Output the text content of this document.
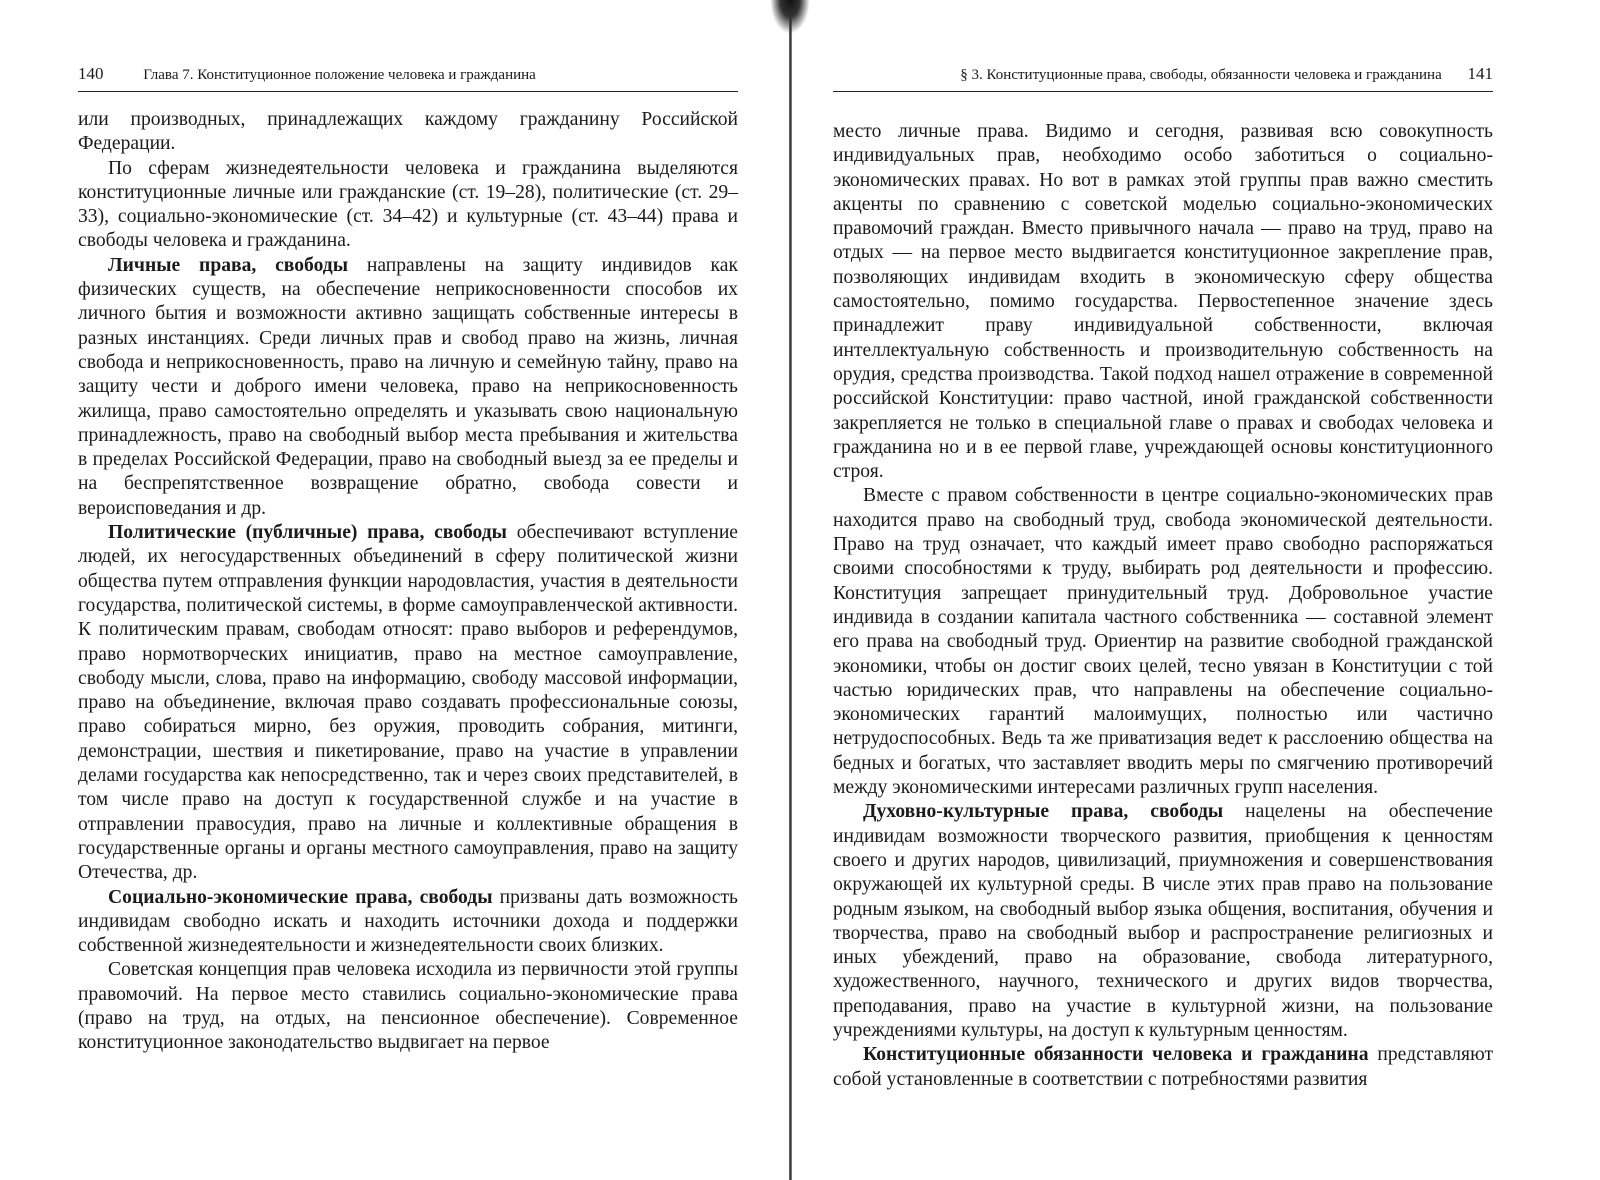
140	Глава 7. Конституционное положение человека и гражданина

или производных, принадлежащих каждому гражданину Российской Федерации.

По сферам жизнедеятельности человека и гражданина выделяются конституционные личные или гражданские (ст. 19–28), политические (ст. 29–33), социально-экономические (ст. 34–42) и культурные (ст. 43–44) права и свободы человека и гражданина.

Личные права, свободы направлены на защиту индивидов как физических существ, на обеспечение неприкосновенности способов их личного бытия и возможности активно защищать собственные интересы в разных инстанциях. Среди личных прав и свобод право на жизнь, личная свобода и неприкосновенность, право на личную и семейную тайну, право на защиту чести и доброго имени человека, право на неприкосновенность жилища, право самостоятельно определять и указывать свою национальную принадлежность, право на свободный выбор места пребывания и жительства в пределах Российской Федерации, право на свободный выезд за ее пределы и на беспрепятственное возвращение обратно, свобода совести и вероисповедания и др.

Политические (публичные) права, свободы обеспечивают вступление людей, их негосударственных объединений в сферу политической жизни общества путем отправления функции народовластия, участия в деятельности государства, политической системы, в форме самоуправленческой активности. К политическим правам, свободам относят: право выборов и референдумов, право нормотворческих инициатив, право на местное самоуправление, свободу мысли, слова, право на информацию, свободу массовой информации, право на объединение, включая право создавать профессиональные союзы, право собираться мирно, без оружия, проводить собрания, митинги, демонстрации, шествия и пикетирование, право на участие в управлении делами государства как непосредственно, так и через своих представителей, в том числе право на доступ к государственной службе и на участие в отправлении правосудия, право на личные и коллективные обращения в государственные органы и органы местного самоуправления, право на защиту Отечества, др.

Социально-экономические права, свободы призваны дать возможность индивидам свободно искать и находить источники дохода и поддержки собственной жизнедеятельности и жизнедеятельности своих близких.

Советская концепция прав человека исходила из первичности этой группы правомочий. На первое место ставились социально-экономические права (право на труд, на отдых, на пенсионное обеспечение). Современное конституционное законодательство выдвигает на первое

§ 3. Конституционные права, свободы, обязанности человека и гражданина 141

место личные права. Видимо и сегодня, развивая всю совокупность индивидуальных прав, необходимо особо заботиться о социально-экономических правах. Но вот в рамках этой группы прав важно сместить акценты по сравнению с советской моделью социально-экономических правомочий граждан. Вместо привычного начала — право на труд, право на отдых — на первое место выдвигается конституционное закрепление прав, позволяющих индивидам входить в экономическую сферу общества самостоятельно, помимо государства. Первостепенное значение здесь принадлежит праву индивидуальной собственности, включая интеллектуальную собственность и производительную собственность на орудия, средства производства. Такой подход нашел отражение в современной российской Конституции: право частной, иной гражданской собственности закрепляется не только в специальной главе о правах и свободах человека и гражданина но и в ее первой главе, учреждающей основы конституционного строя.

Вместе с правом собственности в центре социально-экономических прав находится право на свободный труд, свобода экономической деятельности. Право на труд означает, что каждый имеет право свободно распоряжаться своими способностями к труду, выбирать род деятельности и профессию. Конституция запрещает принудительный труд. Добровольное участие индивида в создании капитала частного собственника — составной элемент его права на свободный труд. Ориентир на развитие свободной гражданской экономики, чтобы он достиг своих целей, тесно увязан в Конституции с той частью юридических прав, что направлены на обеспечение социально-экономических гарантий малоимущих, полностью или частично нетрудоспособных. Ведь та же приватизация ведет к расслоению общества на бедных и богатых, что заставляет вводить меры по смягчению противоречий между экономическими интересами различных групп населения.

Духовно-культурные права, свободы нацелены на обеспечение индивидам возможности творческого развития, приобщения к ценностям своего и других народов, цивилизаций, приумножения и совершенствования окружающей их культурной среды. В числе этих прав право на пользование родным языком, на свободный выбор языка общения, воспитания, обучения и творчества, право на свободный выбор и распространение религиозных и иных убеждений, право на образование, свобода литературного, художественного, научного, технического и других видов творчества, преподавания, право на участие в культурной жизни, на пользование учреждениями культуры, на доступ к культурным ценностям.

Конституционные обязанности человека и гражданина представляют собой установленные в соответствии с потребностями развития
